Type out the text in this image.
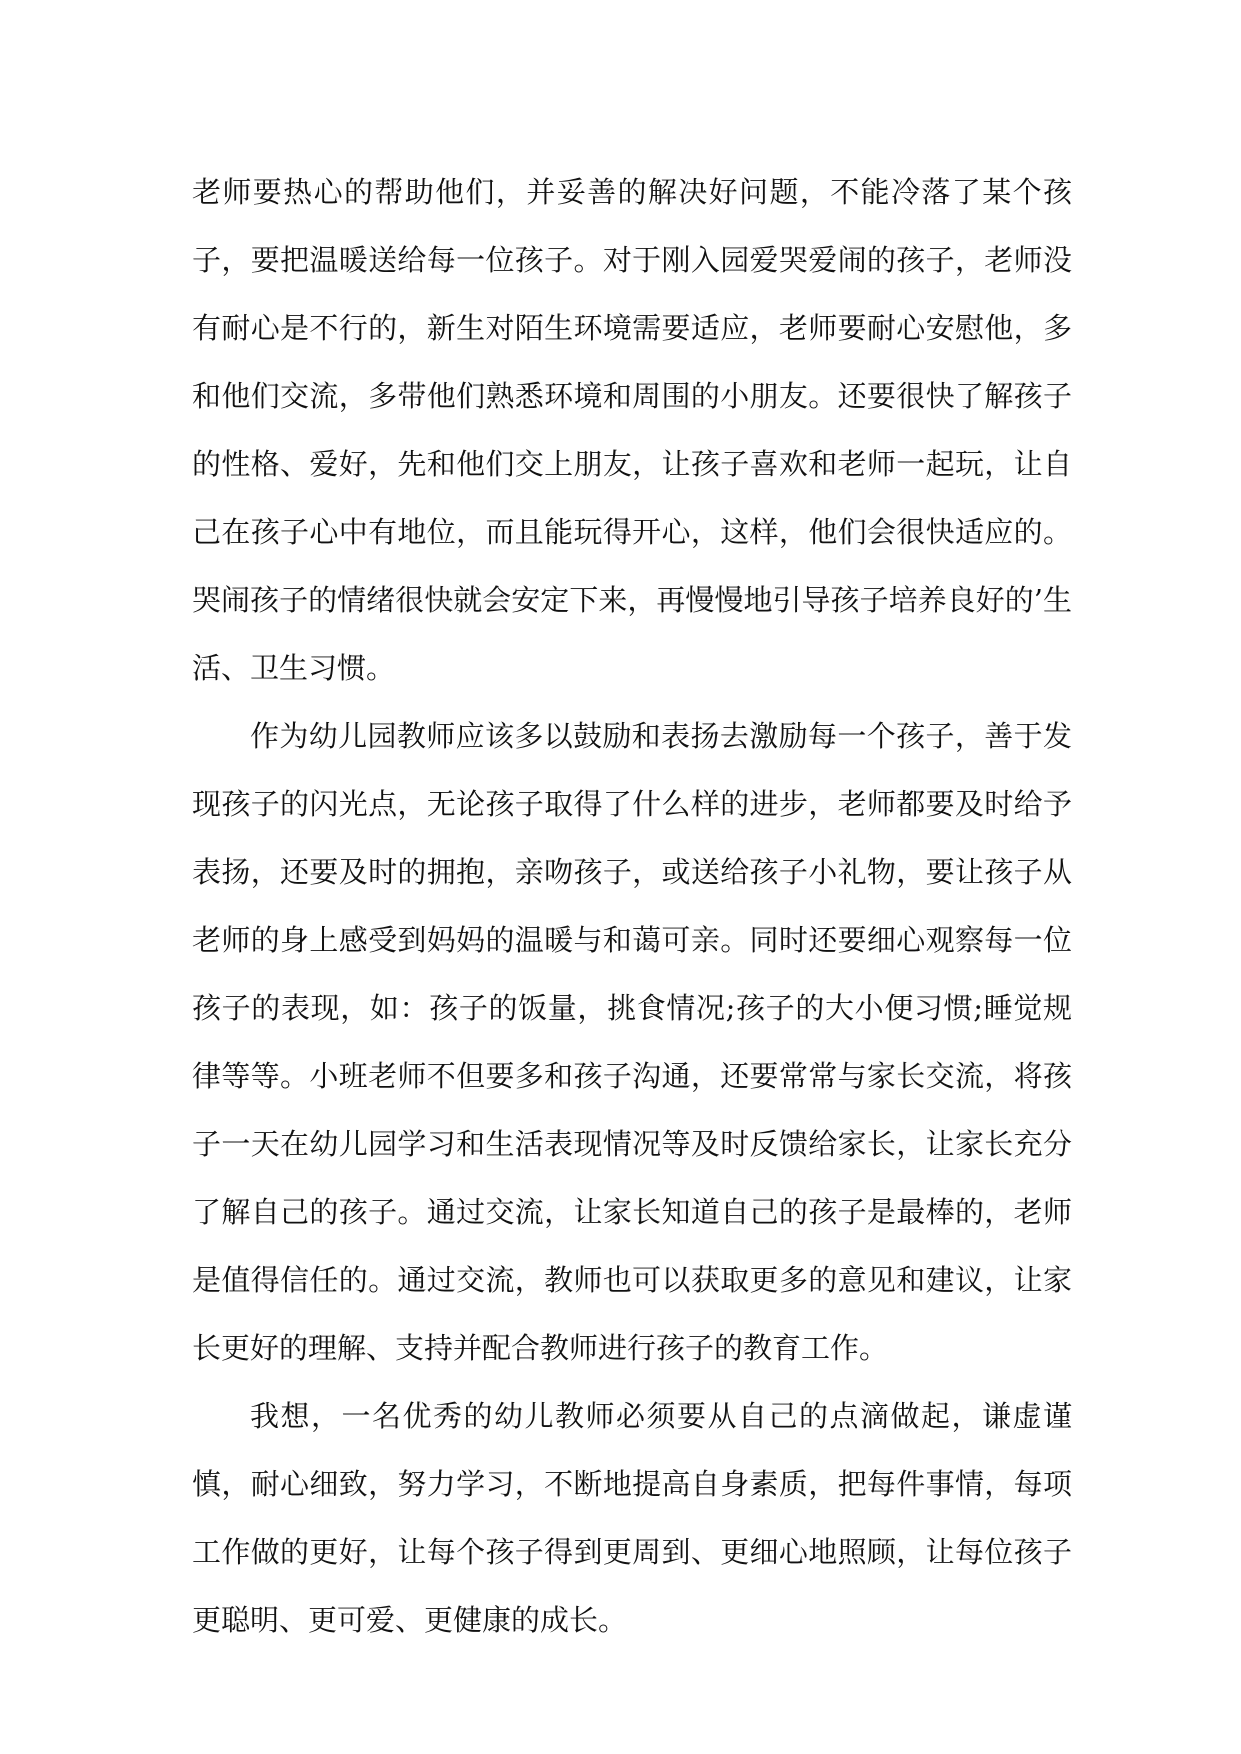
老师要热心的帮助他们，并妥善的解决好问题，不能冷落了某个孩子，要把温暖送给每一位孩子。对于刚入园爱哭爱闹的孩子，老师没有耐心是不行的，新生对陌生环境需要适应，老师要耐心安慰他，多和他们交流，多带他们熟悉环境和周围的小朋友。还要很快了解孩子的性格、爱好，先和他们交上朋友，让孩子喜欢和老师一起玩，让自己在孩子心中有地位，而且能玩得开心，这样，他们会很快适应的。哭闹孩子的情绪很快就会安定下来，再慢慢地引导孩子培养良好的’生活、卫生习惯。

作为幼儿园教师应该多以鼓励和表扬去激励每一个孩子，善于发现孩子的闪光点，无论孩子取得了什么样的进步，老师都要及时给予表扬，还要及时的拥抱，亲吻孩子，或送给孩子小礼物，要让孩子从老师的身上感受到妈妈的温暖与和蔼可亲。同时还要细心观察每一位孩子的表现，如：孩子的饭量，挑食情况;孩子的大小便习惯;睡觉规律等等。小班老师不但要多和孩子沟通，还要常常与家长交流，将孩子一天在幼儿园学习和生活表现情况等及时反馈给家长，让家长充分了解自己的孩子。通过交流，让家长知道自己的孩子是最棒的，老师是值得信任的。通过交流，教师也可以获取更多的意见和建议，让家长更好的理解、支持并配合教师进行孩子的教育工作。

我想，一名优秀的幼儿教师必须要从自己的点滴做起，谦虚谨慎，耐心细致，努力学习，不断地提高自身素质，把每件事情，每项工作做的更好，让每个孩子得到更周到、更细心地照顾，让每位孩子更聪明、更可爱、更健康的成长。
